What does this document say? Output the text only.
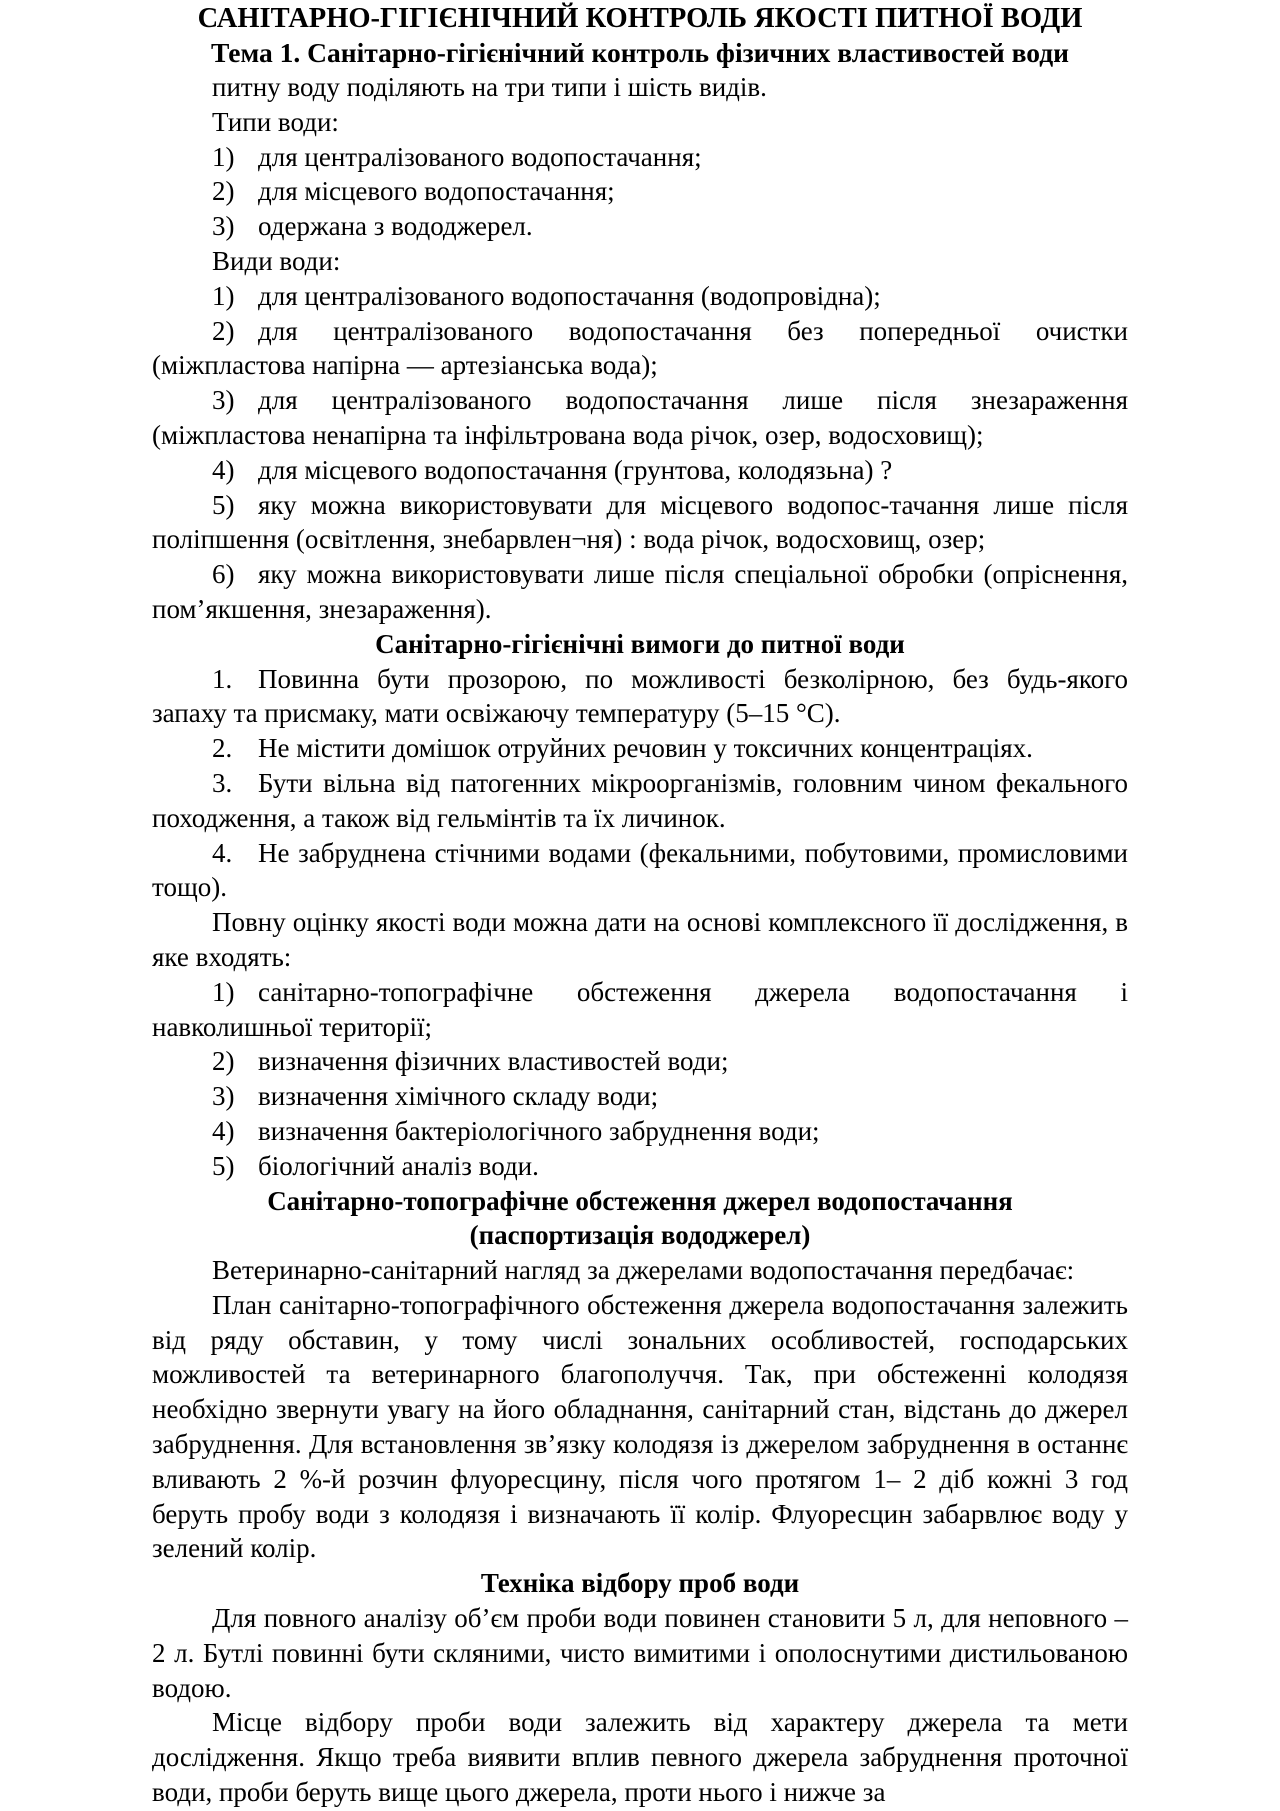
САНІТАРНО-ГІГІЄНІЧНИЙ КОНТРОЛЬ ЯКОСТІ ПИТНОЇ ВОДИ
Тема 1. Санітарно-гігієнічний контроль фізичних властивостей води

питну воду поділяють на три типи і шість видів.

Типи води:

1) для централізованого водопостачання;

2) для місцевого водопостачання;

3) одержана з вододжерел.

Види води:

1) для централізованого водопостачання (водопровідна);

2) для централізованого водопостачання без попередньої очистки (міжпластова напірна — артезіанська вода);

3) для централізованого водопостачання лише після знезараження (міжпластова ненапірна та інфільтрована вода річок, озер, водосховищ);

4) для місцевого водопостачання (грунтова, колодязьна) ?

5) яку можна використовувати для місцевого водопос-тачання лише після поліпшення (освітлення, знебарвлен¬ня) : вода річок, водосховищ, озер;

6) яку можна використовувати лише після спеціальної обробки (опріснення, пом’якшення, знезараження).

Санітарно-гігієнічні вимоги до питної води

1. Повинна бути прозорою, по можливості безколірною, без будь-якого запаху та присмаку, мати освіжаючу температуру (5–15 °С).

2. Не містити домішок отруйних речовин у токсичних концентраціях.

3. Бути вільна від патогенних мікроорганізмів, головним чином фекального походження, а також від гельмінтів та їх личинок.

4. Не забруднена стічними водами (фекальними, побутовими, промисловими тощо).

Повну оцінку якості води можна дати на основі комплексного її дослідження, в яке входять:

1) санітарно-топографічне обстеження джерела водопостачання і навколишньої території;

2) визначення фізичних властивостей води;

3) визначення хімічного складу води;

4) визначення бактеріологічного забруднення води;

5) біологічний аналіз води.

Санітарно-топографічне обстеження джерел водопостачання
(паспортизація вододжерел)

Ветеринарно-санітарний нагляд за джерелами водопостачання передбачає:

План санітарно-топографічного обстеження джерела водопостачання залежить від ряду обставин, у тому числі зональних особливостей, господарських можливостей та ветеринарного благополуччя. Так, при обстеженні колодязя необхідно звернути увагу на його обладнання, санітарний стан, відстань до джерел забруднення. Для встановлення зв’язку колодязя із джерелом забруднення в останнє вливають 2 %-й розчин флуоресцину, після чого протягом 1– 2 діб кожні 3 год беруть пробу води з колодязя і визначають її колір. Флуоресцин забарвлює воду у зелений колір.

Техніка відбору проб води

Для повного аналізу об’єм проби води повинен становити 5 л, для неповного – 2 л. Бутлі повинні бути скляними, чисто вимитими і ополоснутими дистильованою водою.

Місце відбору проби води залежить від характеру джерела та мети дослідження. Якщо треба виявити вплив певного джерела забруднення проточної води, проби беруть вище цього джерела, проти нього і нижче за
